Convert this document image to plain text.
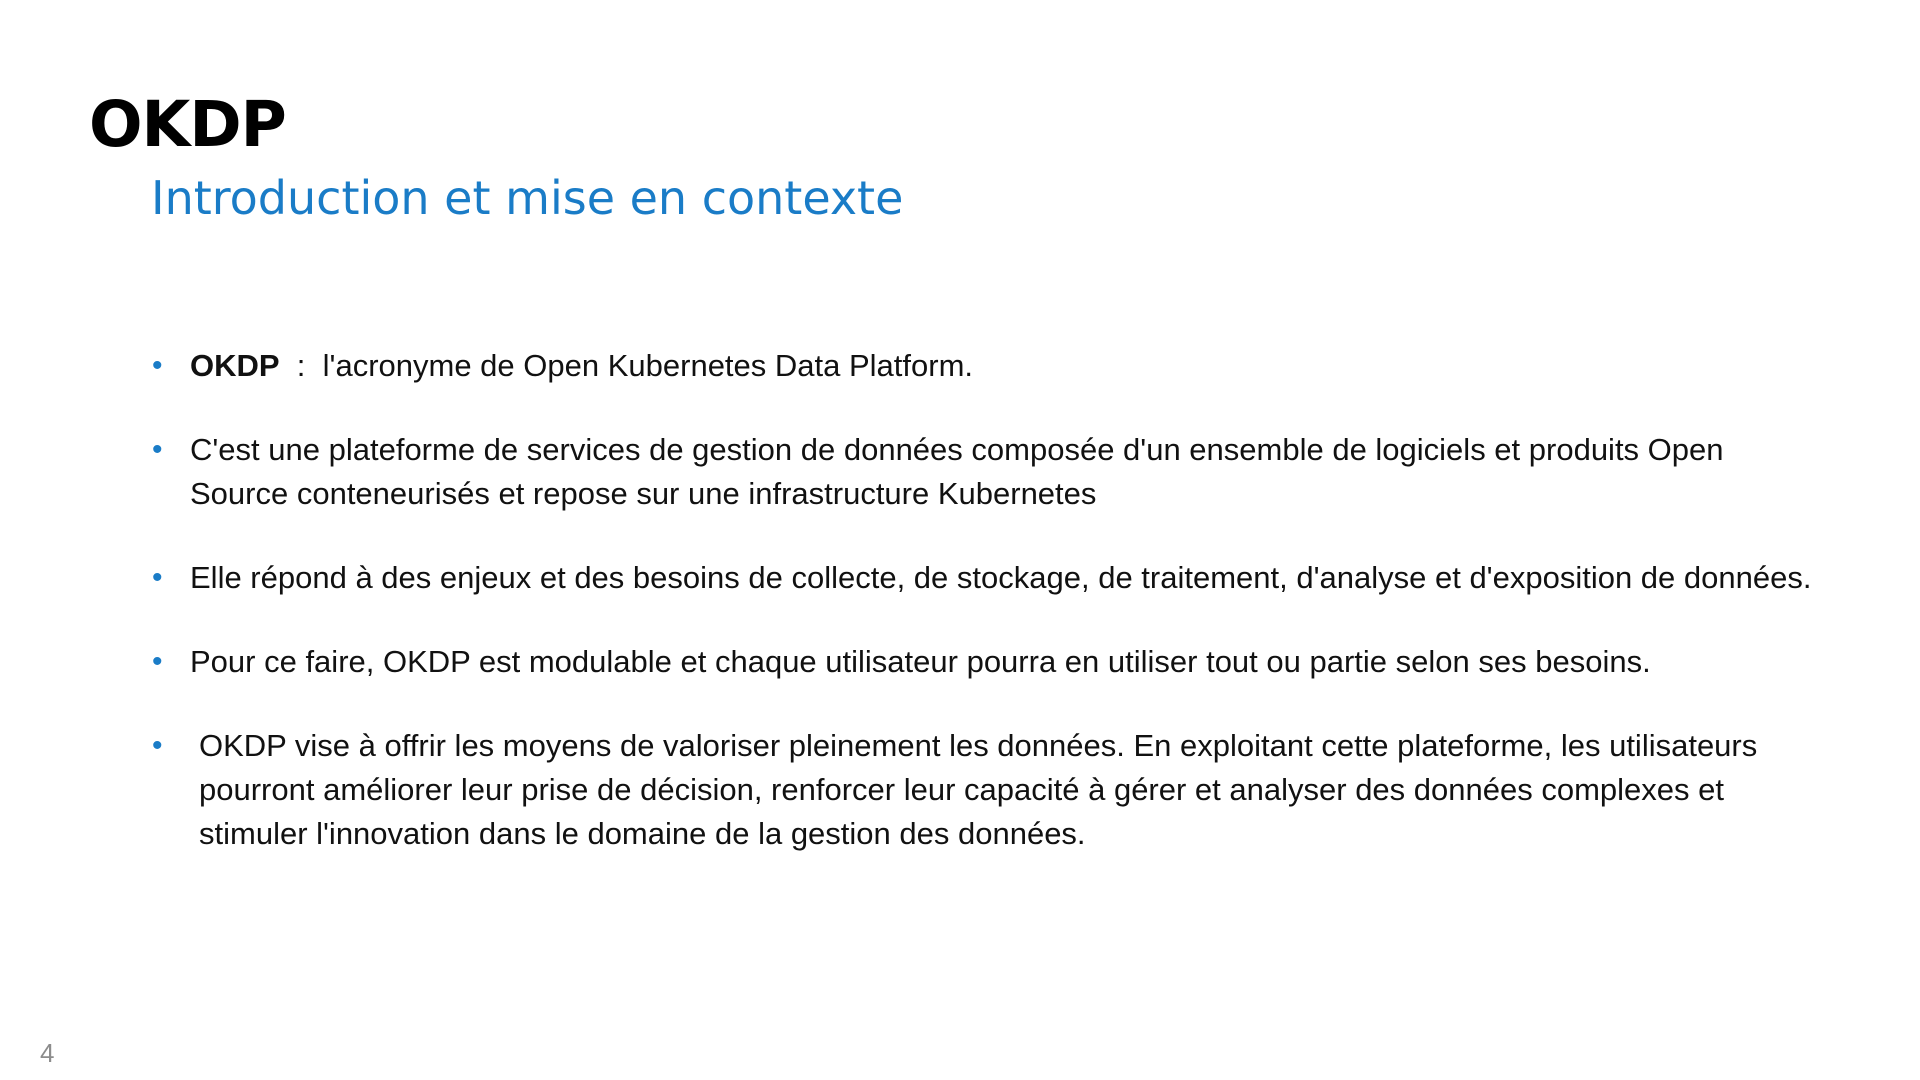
OKDP
Introduction et mise en contexte
• OKDP  :  l'acronyme de Open Kubernetes Data Platform.
• C'est une plateforme de services de gestion de données composée d'un ensemble de logiciels et produits Open Source conteneurisés et repose sur une infrastructure Kubernetes
• Elle répond à des enjeux et des besoins de collecte, de stockage, de traitement, d'analyse et d'exposition de données.
• Pour ce faire, OKDP est modulable et chaque utilisateur pourra en utiliser tout ou partie selon ses besoins.
• OKDP vise à offrir les moyens de valoriser pleinement les données. En exploitant cette plateforme, les utilisateurs pourront améliorer leur prise de décision, renforcer leur capacité à gérer et analyser des données complexes et stimuler l'innovation dans le domaine de la gestion des données.
4
